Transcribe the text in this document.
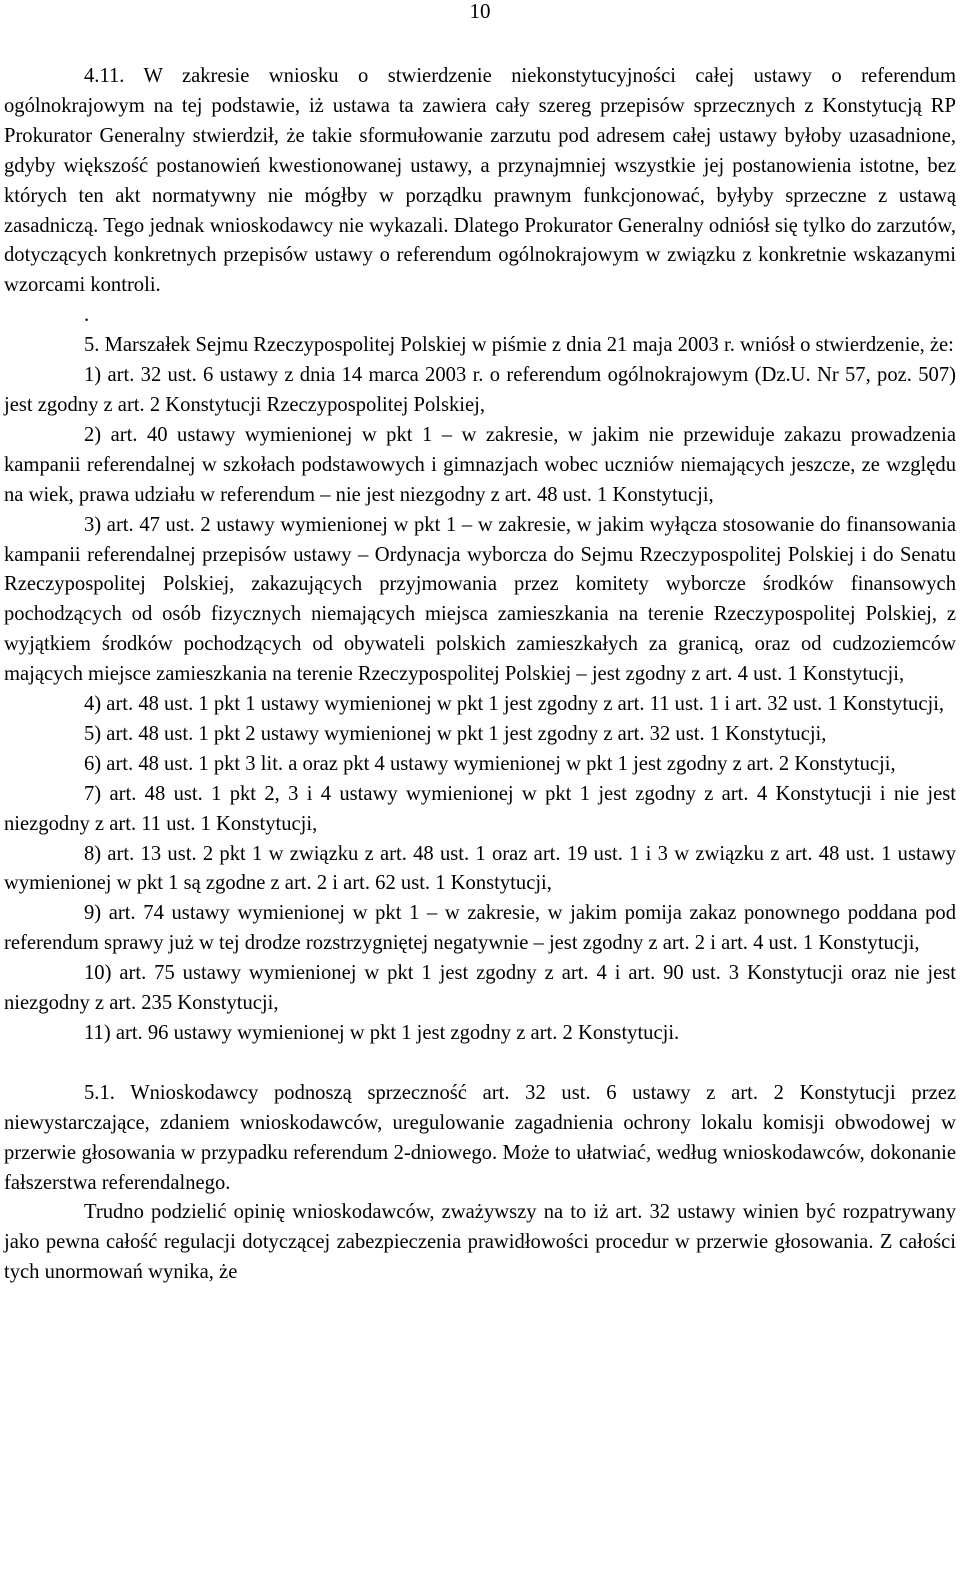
10

4.11. W zakresie wniosku o stwierdzenie niekonstytucyjności całej ustawy o referendum ogólnokrajowym na tej podstawie, iż ustawa ta zawiera cały szereg przepisów sprzecznych z Konstytucją RP Prokurator Generalny stwierdził, że takie sformułowanie zarzutu pod adresem całej ustawy byłoby uzasadnione, gdyby większość postanowień kwestionowanej ustawy, a przynajmniej wszystkie jej postanowienia istotne, bez których ten akt normatywny nie mógłby w porządku prawnym funkcjonować, byłyby sprzeczne z ustawą zasadniczą. Tego jednak wnioskodawcy nie wykazali. Dlatego Prokurator Generalny odniósł się tylko do zarzutów, dotyczących konkretnych przepisów ustawy o referendum ogólnokrajowym w związku z konkretnie wskazanymi wzorcami kontroli.

.

5. Marszałek Sejmu Rzeczypospolitej Polskiej w piśmie z dnia 21 maja 2003 r. wniósł o stwierdzenie, że:

1) art. 32 ust. 6 ustawy z dnia 14 marca 2003 r. o referendum ogólnokrajowym (Dz.U. Nr 57, poz. 507) jest zgodny z art. 2 Konstytucji Rzeczypospolitej Polskiej,

2) art. 40 ustawy wymienionej w pkt 1 – w zakresie, w jakim nie przewiduje zakazu prowadzenia kampanii referendalnej w szkołach podstawowych i gimnazjach wobec uczniów niemających jeszcze, ze względu na wiek, prawa udziału w referendum – nie jest niezgodny z art. 48 ust. 1 Konstytucji,

3) art. 47 ust. 2 ustawy wymienionej w pkt 1 – w zakresie, w jakim wyłącza stosowanie do finansowania kampanii referendalnej przepisów ustawy – Ordynacja wyborcza do Sejmu Rzeczypospolitej Polskiej i do Senatu Rzeczypospolitej Polskiej, zakazujących przyjmowania przez komitety wyborcze środków finansowych pochodzących od osób fizycznych niemających miejsca zamieszkania na terenie Rzeczypospolitej Polskiej, z wyjątkiem środków pochodzących od obywateli polskich zamieszkałych za granicą, oraz od cudzoziemców mających miejsce zamieszkania na terenie Rzeczypospolitej Polskiej – jest zgodny z art. 4 ust. 1 Konstytucji,

4) art. 48 ust. 1 pkt 1 ustawy wymienionej w pkt 1 jest zgodny z art. 11 ust. 1 i art. 32 ust. 1 Konstytucji,

5) art. 48 ust. 1 pkt 2 ustawy wymienionej w pkt 1 jest zgodny z art. 32 ust. 1 Konstytucji,

6) art. 48 ust. 1 pkt 3 lit. a oraz pkt 4 ustawy wymienionej w pkt 1 jest zgodny z art. 2 Konstytucji,

7) art. 48 ust. 1 pkt 2, 3 i 4 ustawy wymienionej w pkt 1 jest zgodny z art. 4 Konstytucji i nie jest niezgodny z art. 11 ust. 1 Konstytucji,

8) art. 13 ust. 2 pkt 1 w związku z art. 48 ust. 1 oraz art. 19 ust. 1 i 3 w związku z art. 48 ust. 1 ustawy wymienionej w pkt 1 są zgodne z art. 2 i art. 62 ust. 1 Konstytucji,

9) art. 74 ustawy wymienionej w pkt 1 – w zakresie, w jakim pomija zakaz ponownego poddana pod referendum sprawy już w tej drodze rozstrzygniętej negatywnie – jest zgodny z art. 2 i art. 4 ust. 1 Konstytucji,

10) art. 75 ustawy wymienionej w pkt 1 jest zgodny z art. 4 i art. 90 ust. 3 Konstytucji oraz nie jest niezgodny z art. 235 Konstytucji,

11) art. 96 ustawy wymienionej w pkt 1 jest zgodny z art. 2 Konstytucji.

5.1. Wnioskodawcy podnoszą sprzeczność art. 32 ust. 6 ustawy z art. 2 Konstytucji przez niewystarczające, zdaniem wnioskodawców, uregulowanie zagadnienia ochrony lokalu komisji obwodowej w przerwie głosowania w przypadku referendum 2-dniowego. Może to ułatwiać, według wnioskodawców, dokonanie fałszerstwa referendalnego.

Trudno podzielić opinię wnioskodawców, zważywszy na to iż art. 32 ustawy winien być rozpatrywany jako pewna całość regulacji dotyczącej zabezpieczenia prawidłowości procedur w przerwie głosowania. Z całości tych unormowań wynika, że
